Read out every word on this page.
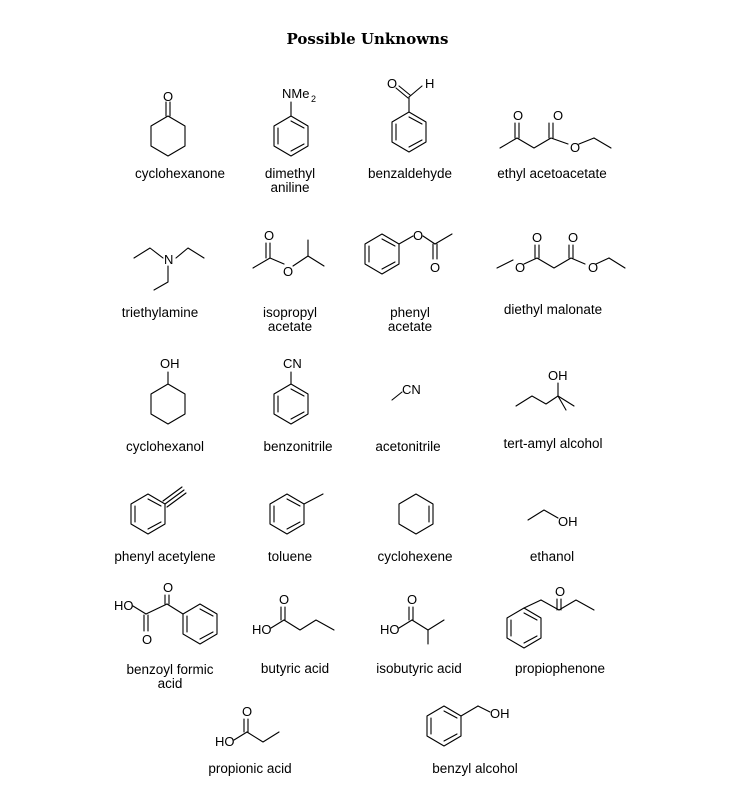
Possible Unknowns
O
cyclohexanone
NMe 2
dimethyl
aniline
O H
benzaldehyde
O O
O
ethyl acetoacetate
N
triethylamine
O
O
isopropyl
acetate
O
O
phenyl
acetate
O O
O	O
diethyl malonate
OH
cyclohexanol
CN
benzonitrile
CN
acetonitrile
OH
tert-amyl alcohol
phenyl acetylene	toluene	cyclohexene
OH
ethanol
HO
O
O
benzoyl formic
acid
HO
O
butyric acid
HO
O
isobutyric acid
O
propiophenone
HO
O
propionic acid
OH
benzyl alcohol
